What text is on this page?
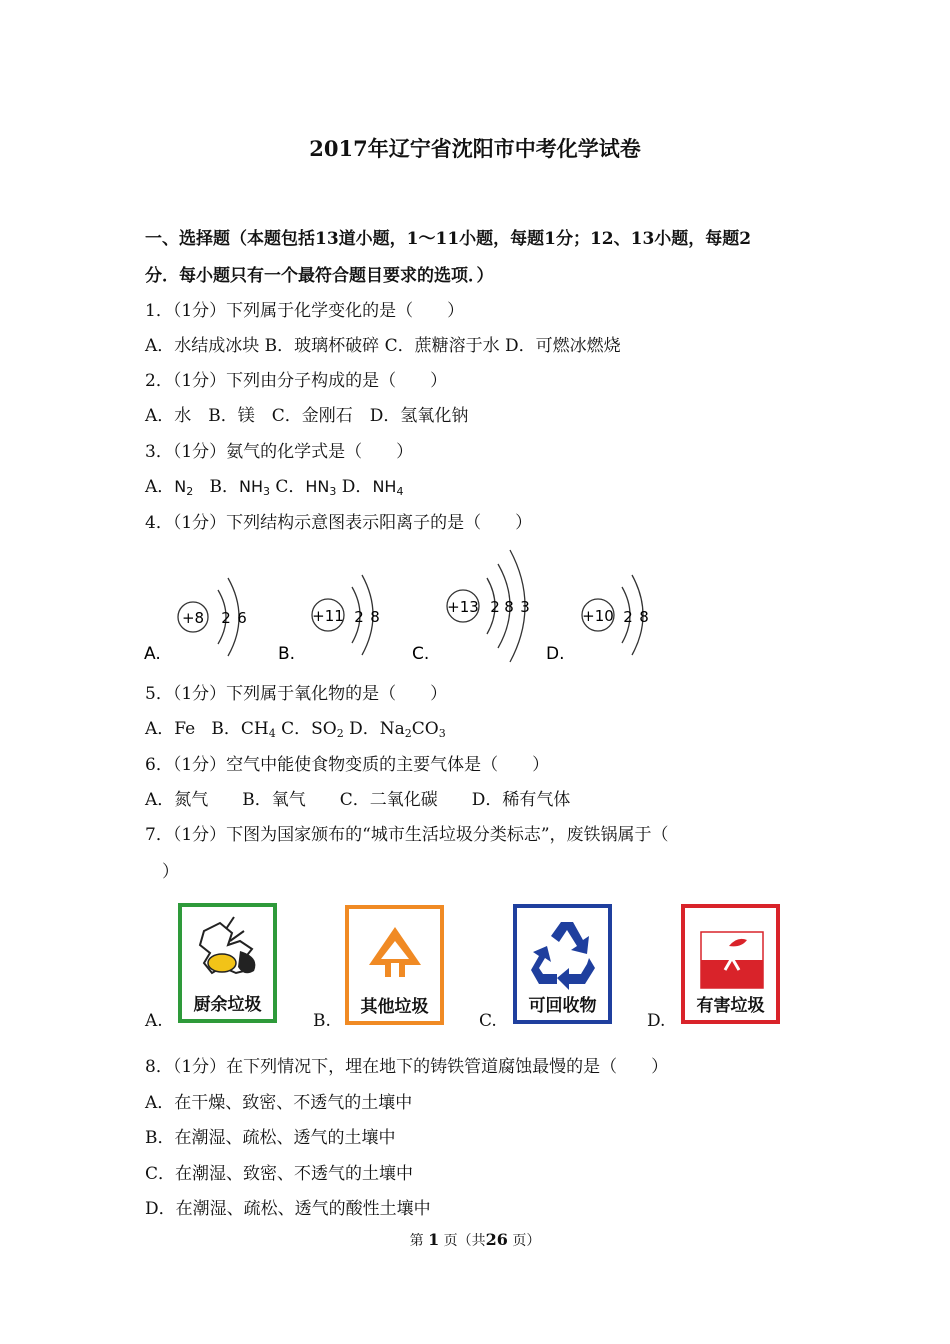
2017年辽宁省沈阳市中考化学试卷
一、选择题（本题包括13道小题，1～11小题，每题1分；12、13小题，每题2
分．每小题只有一个最符合题目要求的选项．）
1．（1分）下列属于化学变化的是（　　）
A．水结成冰块 B．玻璃杯破碎 C．蔗糖溶于水 D．可燃冰燃烧
2．（1分）下列由分子构成的是（　　）
A．水　B．镁　C．金刚石　D．氢氧化钠
3．（1分）氨气的化学式是（　　）
A．$N_2$ B．$NH_3$ C．$HN_3$ D．$NH_4$
4．（1分）下列结构示意图表示阳离子的是（　　）
A.
+8 2 6
B.
+11 2 8
C.
+13 2 8 3
D.
+10 2 8
5．（1分）下列属于氧化物的是（　　）
A．Fe B．$CH_4$ C．$SO_2$ D．$Na_2CO_3$
6．（1分）空气中能使食物变质的主要气体是（　　）
A．氮气　　B．氧气　　C．二氧化碳　　D．稀有气体
7．（1分）下图为国家颁布的“城市生活垃圾分类标志”，废铁锅属于（
）
A.
厨余垃圾
B.
其他垃圾
C.
可回收物
D.
有害垃圾
8．（1分）在下列情况下，埋在地下的铸铁管道腐蚀最慢的是（　　）
A．在干燥、致密、不透气的土壤中
B．在潮湿、疏松、透气的土壤中
C．在潮湿、致密、不透气的土壤中
D．在潮湿、疏松、透气的酸性土壤中
第 1 页（共26 页）
